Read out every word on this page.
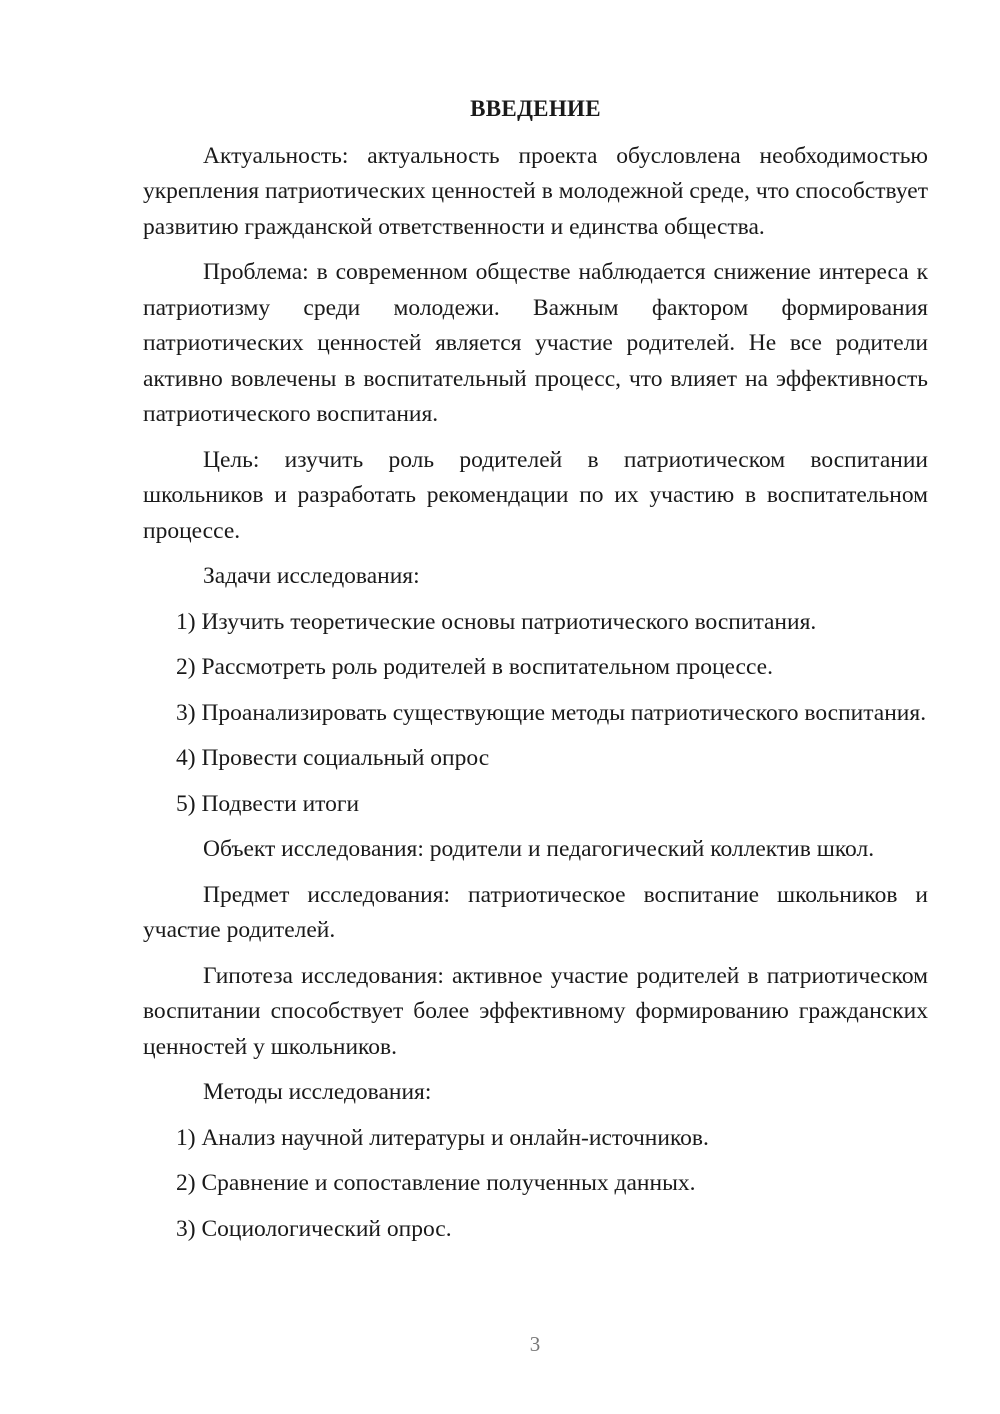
ВВЕДЕНИЕ
Актуальность: актуальность проекта обусловлена необходимостью укрепления патриотических ценностей в молодежной среде, что способствует развитию гражданской ответственности и единства общества.
Проблема: в современном обществе наблюдается снижение интереса к патриотизму среди молодежи. Важным фактором формирования патриотических ценностей является участие родителей. Не все родители активно вовлечены в воспитательный процесс, что влияет на эффективность патриотического воспитания.
Цель: изучить роль родителей в патриотическом воспитании школьников и разработать рекомендации по их участию в воспитательном процессе.
Задачи исследования:
1) Изучить теоретические основы патриотического воспитания.
2) Рассмотреть роль родителей в воспитательном процессе.
3) Проанализировать существующие методы патриотического воспитания.
4) Провести социальный опрос
5) Подвести итоги
Объект исследования: родители и педагогический коллектив школ.
Предмет исследования: патриотическое воспитание школьников и участие родителей.
Гипотеза исследования: активное участие родителей в патриотическом воспитании способствует более эффективному формированию гражданских ценностей у школьников.
Методы исследования:
1) Анализ научной литературы и онлайн-источников.
2) Сравнение и сопоставление полученных данных.
3) Социологический опрос.
3
